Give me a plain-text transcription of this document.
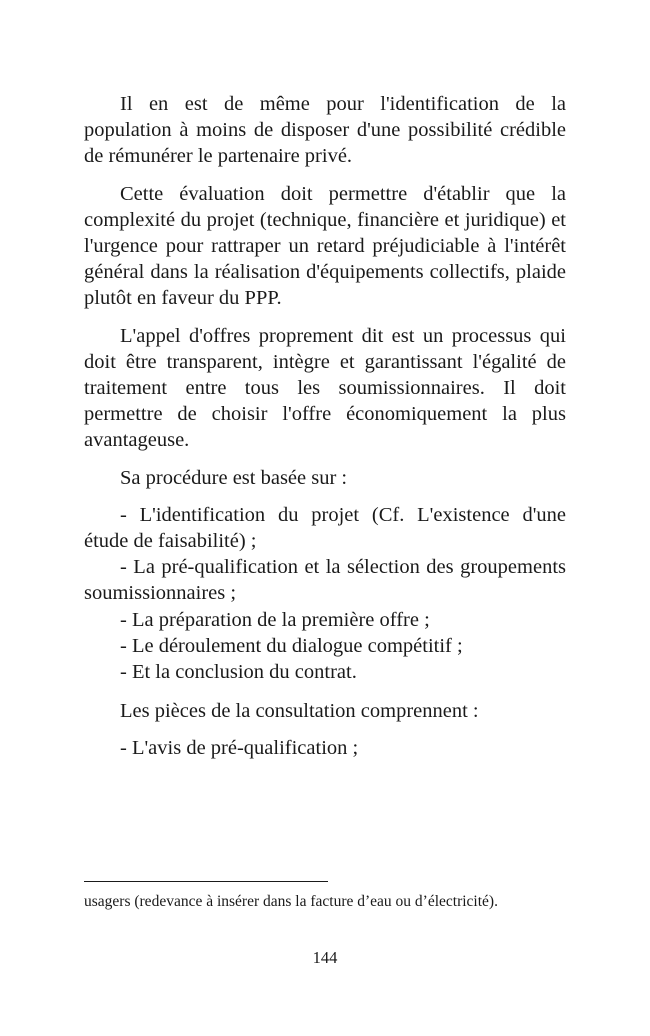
Il en est de même pour l'identification de la population à moins de disposer d'une possibilité crédible de rémunérer le partenaire privé.

Cette évaluation doit permettre d'établir que la complexité du projet (technique, financière et juridique) et l'urgence pour rattraper un retard préjudiciable à l'intérêt général dans la réalisation d'équipements collectifs, plaide plutôt en faveur du PPP.

L'appel d'offres proprement dit est un processus qui doit être transparent, intègre et garantissant l'égalité de traitement entre tous les soumissionnaires. Il doit permettre de choisir l'offre économiquement la plus avantageuse.

Sa procédure est basée sur :

- L'identification du projet (Cf. L'existence d'une étude de faisabilité) ;

- La pré-qualification et la sélection des groupements soumissionnaires ;

- La préparation de la première offre ;

- Le déroulement du dialogue compétitif ;

- Et la conclusion du contrat.

Les pièces de la consultation comprennent :

- L'avis de pré-qualification ;

usagers (redevance à insérer dans la facture d’eau ou d’électricité).

144
